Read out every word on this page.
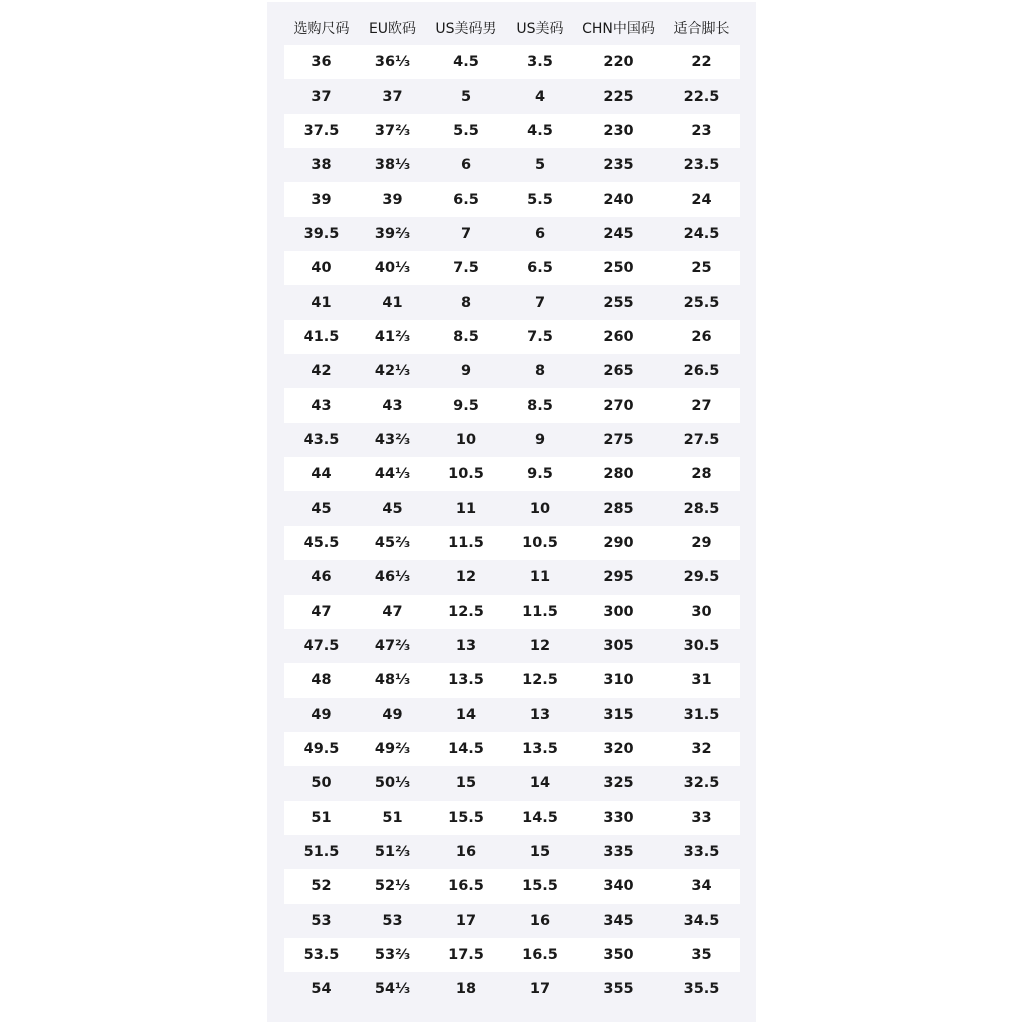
选购尺码	EU欧码	US美码男	US美码	CHN中国码	适合脚长
36	36⅓	4.5	3.5	220	22
37	37	5	4	225	22.5
37.5	37⅔	5.5	4.5	230	23
38	38⅓	6	5	235	23.5
39	39	6.5	5.5	240	24
39.5	39⅔	7	6	245	24.5
40	40⅓	7.5	6.5	250	25
41	41	8	7	255	25.5
41.5	41⅔	8.5	7.5	260	26
42	42⅓	9	8	265	26.5
43	43	9.5	8.5	270	27
43.5	43⅔	10	9	275	27.5
44	44⅓	10.5	9.5	280	28
45	45	11	10	285	28.5
45.5	45⅔	11.5	10.5	290	29
46	46⅓	12	11	295	29.5
47	47	12.5	11.5	300	30
47.5	47⅔	13	12	305	30.5
48	48⅓	13.5	12.5	310	31
49	49	14	13	315	31.5
49.5	49⅔	14.5	13.5	320	32
50	50⅓	15	14	325	32.5
51	51	15.5	14.5	330	33
51.5	51⅔	16	15	335	33.5
52	52⅓	16.5	15.5	340	34
53	53	17	16	345	34.5
53.5	53⅔	17.5	16.5	350	35
54	54⅓	18	17	355	35.5
